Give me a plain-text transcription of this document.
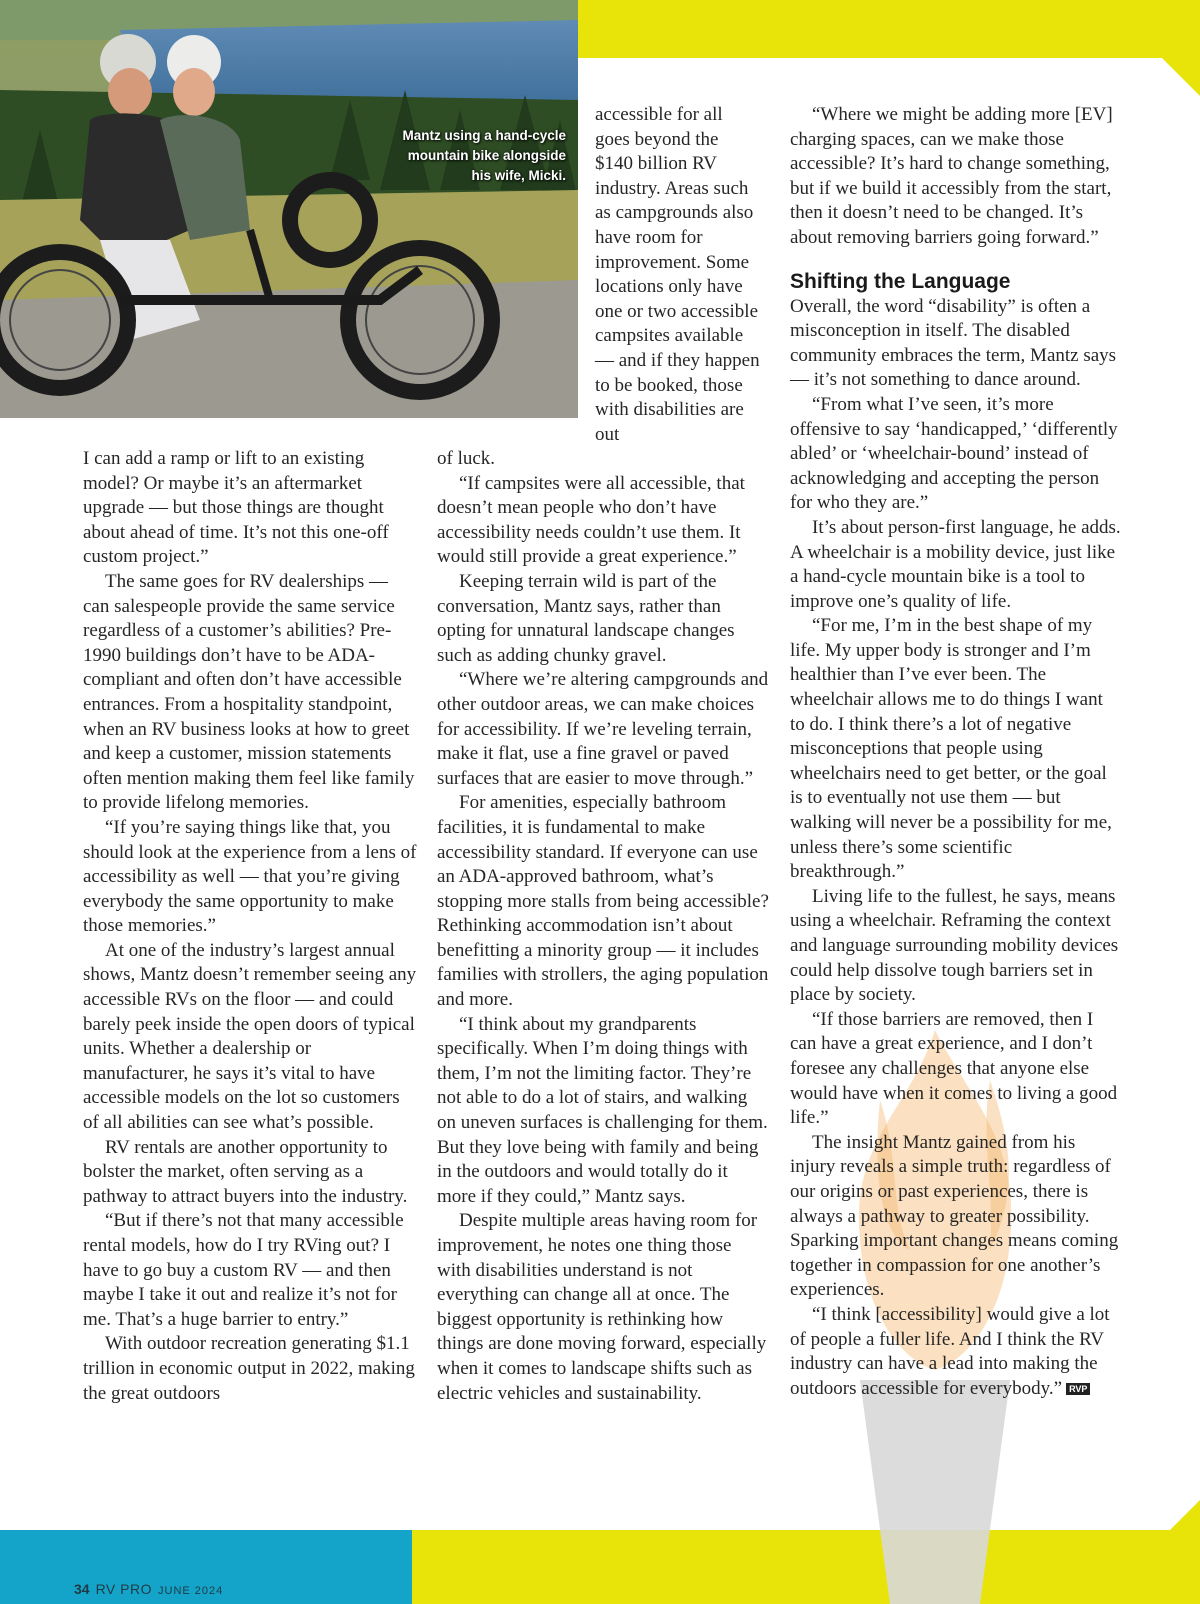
Mantz using a hand-cycle
mountain bike alongside
his wife, Micki.

accessible for all goes beyond the $140 billion RV industry. Areas such as campgrounds also have room for improvement. Some locations only have one or two accessible campsites available — and if they happen to be booked, those with disabilities are out

I can add a ramp or lift to an existing model? Or maybe it’s an aftermarket upgrade — but those things are thought about ahead of time. It’s not this one-off custom project.”

The same goes for RV dealerships — can salespeople provide the same service regardless of a customer’s abilities? Pre-1990 buildings don’t have to be ADA-compliant and often don’t have accessible entrances. From a hospitality standpoint, when an RV business looks at how to greet and keep a customer, mission statements often mention making them feel like family to provide lifelong memories.

“If you’re saying things like that, you should look at the experience from a lens of accessibility as well — that you’re giving everybody the same opportunity to make those memories.”

At one of the industry’s largest annual shows, Mantz doesn’t remember seeing any accessible RVs on the floor — and could barely peek inside the open doors of typical units. Whether a dealership or manufacturer, he says it’s vital to have accessible models on the lot so customers of all abilities can see what’s possible.

RV rentals are another opportunity to bolster the market, often serving as a pathway to attract buyers into the industry.

“But if there’s not that many accessible rental models, how do I try RVing out? I have to go buy a custom RV — and then maybe I take it out and realize it’s not for me. That’s a huge barrier to entry.”

With outdoor recreation generating $1.1 trillion in economic output in 2022, making the great outdoors

of luck.

“If campsites were all accessible, that doesn’t mean people who don’t have accessibility needs couldn’t use them. It would still provide a great experience.”

Keeping terrain wild is part of the conversation, Mantz says, rather than opting for unnatural landscape changes such as adding chunky gravel.

“Where we’re altering campgrounds and other outdoor areas, we can make choices for accessibility. If we’re leveling terrain, make it flat, use a fine gravel or paved surfaces that are easier to move through.”

For amenities, especially bathroom facilities, it is fundamental to make accessibility standard. If everyone can use an ADA-approved bathroom, what’s stopping more stalls from being accessible? Rethinking accommodation isn’t about benefitting a minority group — it includes families with strollers, the aging population and more.

“I think about my grandparents specifically. When I’m doing things with them, I’m not the limiting factor. They’re not able to do a lot of stairs, and walking on uneven surfaces is challenging for them. But they love being with family and being in the outdoors and would totally do it more if they could,” Mantz says.

Despite multiple areas having room for improvement, he notes one thing those with disabilities understand is not everything can change all at once. The biggest opportunity is rethinking how things are done moving forward, especially when it comes to landscape shifts such as electric vehicles and sustainability.

“Where we might be adding more [EV] charging spaces, can we make those accessible? It’s hard to change something, but if we build it accessibly from the start, then it doesn’t need to be changed. It’s about removing barriers going forward.”

Shifting the Language

Overall, the word “disability” is often a misconception in itself. The disabled community embraces the term, Mantz says — it’s not something to dance around.

“From what I’ve seen, it’s more offensive to say ‘handicapped,’ ‘differently abled’ or ‘wheelchair-bound’ instead of acknowledging and accepting the person for who they are.”

It’s about person-first language, he adds. A wheelchair is a mobility device, just like a hand-cycle mountain bike is a tool to improve one’s quality of life.

“For me, I’m in the best shape of my life. My upper body is stronger and I’m healthier than I’ve ever been. The wheelchair allows me to do things I want to do. I think there’s a lot of negative misconceptions that people using wheelchairs need to get better, or the goal is to eventually not use them — but walking will never be a possibility for me, unless there’s some scientific breakthrough.”

Living life to the fullest, he says, means using a wheelchair. Reframing the context and language surrounding mobility devices could help dissolve tough barriers set in place by society.

“If those barriers are removed, then I can have a great experience, and I don’t foresee any challenges that anyone else would have when it comes to living a good life.”

The insight Mantz gained from his injury reveals a simple truth: regardless of our origins or past experiences, there is always a pathway to greater possibility. Sparking important changes means coming together in compassion for one another’s experiences.

“I think [accessibility] would give a lot of people a fuller life. And I think the RV industry can have a lead into making the outdoors accessible for everybody.” RVP

34 RV PRO JUNE 2024
